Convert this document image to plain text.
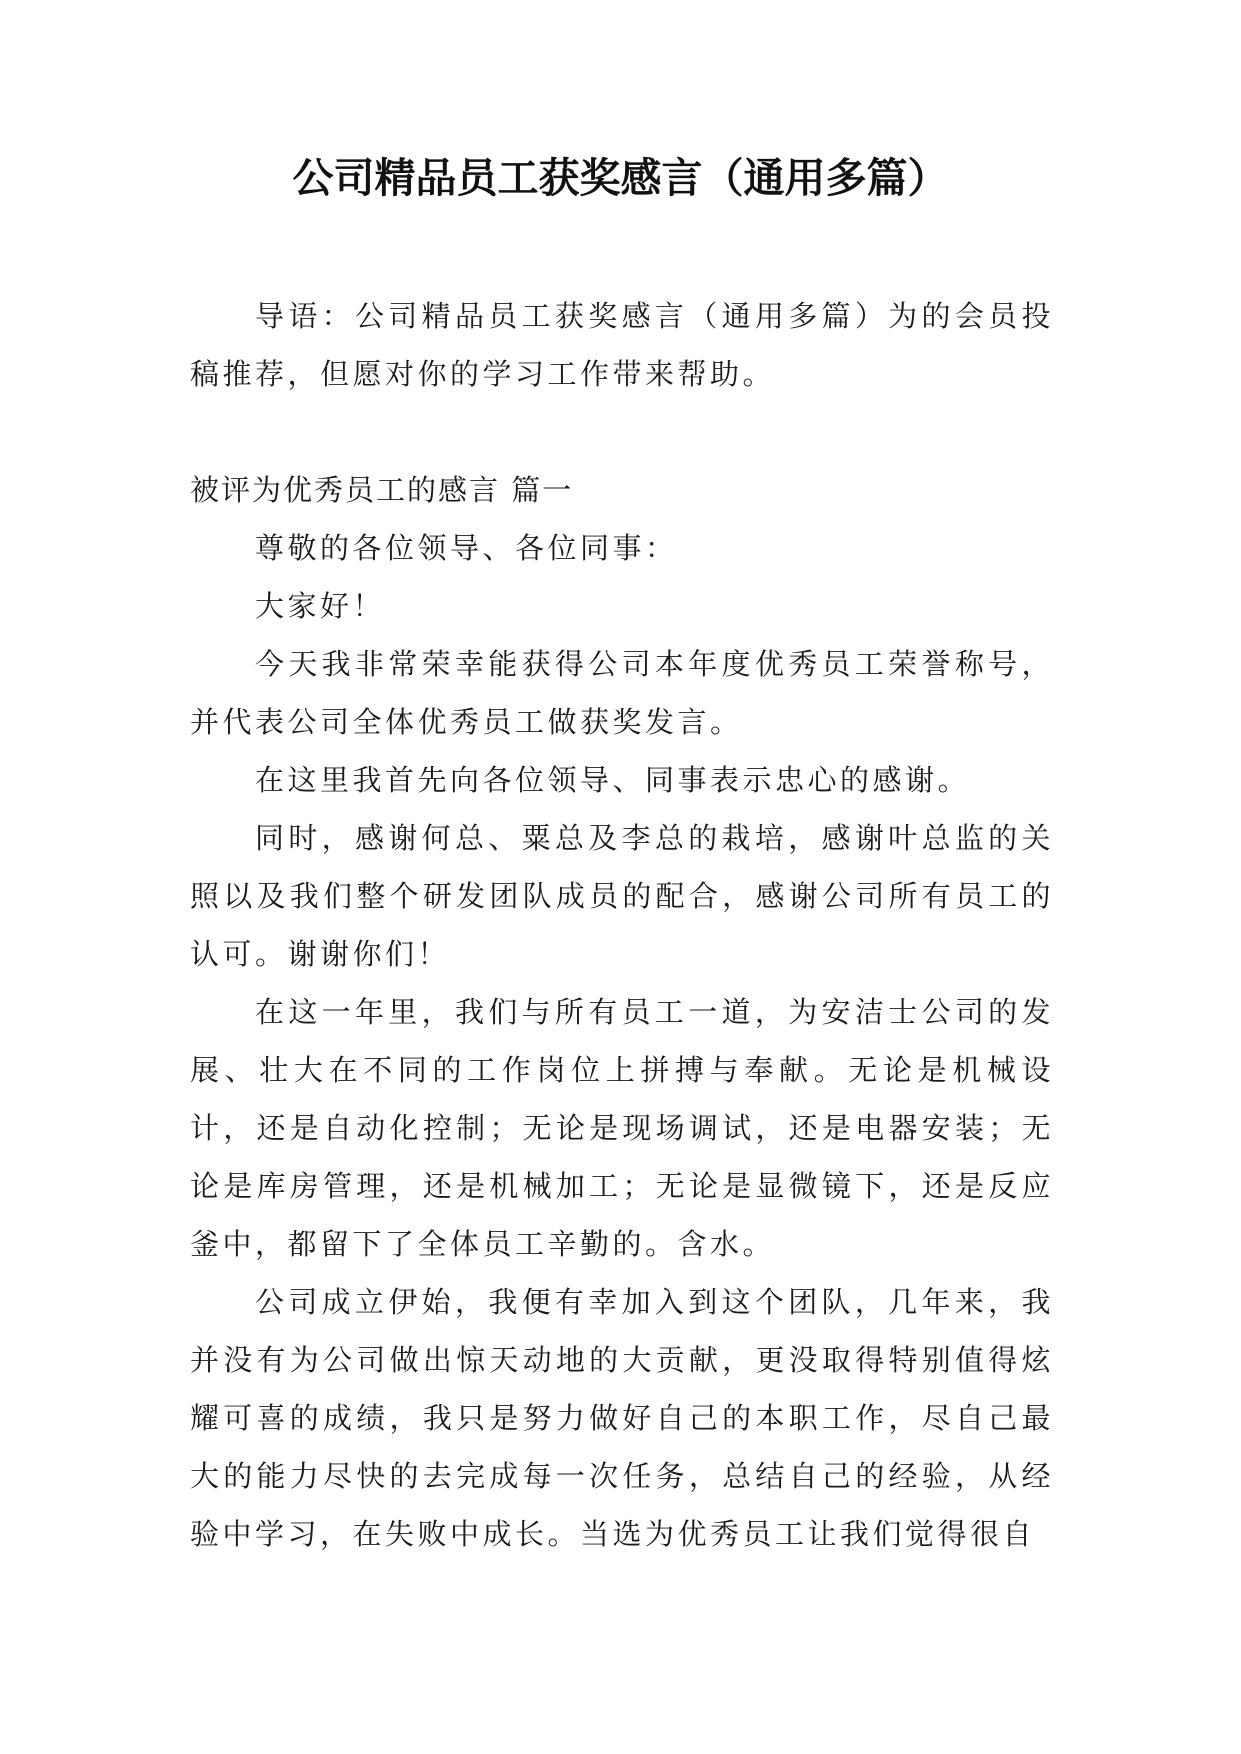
公司精品员工获奖感言（通用多篇）

导语：公司精品员工获奖感言（通用多篇）为的会员投稿推荐，但愿对你的学习工作带来帮助。

被评为优秀员工的感言 篇一

尊敬的各位领导、各位同事：

大家好！

今天我非常荣幸能获得公司本年度优秀员工荣誉称号，并代表公司全体优秀员工做获奖发言。

在这里我首先向各位领导、同事表示忠心的感谢。

同时，感谢何总、粟总及李总的栽培，感谢叶总监的关照以及我们整个研发团队成员的配合，感谢公司所有员工的认可。谢谢你们！

在这一年里，我们与所有员工一道，为安洁士公司的发展、壮大在不同的工作岗位上拼搏与奉献。无论是机械设计，还是自动化控制；无论是现场调试，还是电器安装；无论是库房管理，还是机械加工；无论是显微镜下，还是反应釜中，都留下了全体员工辛勤的。含水。

公司成立伊始，我便有幸加入到这个团队，几年来，我并没有为公司做出惊天动地的大贡献，更没取得特别值得炫耀可喜的成绩，我只是努力做好自己的本职工作，尽自己最大的能力尽快的去完成每一次任务，总结自己的经验，从经验中学习，在失败中成长。当选为优秀员工让我们觉得很自
